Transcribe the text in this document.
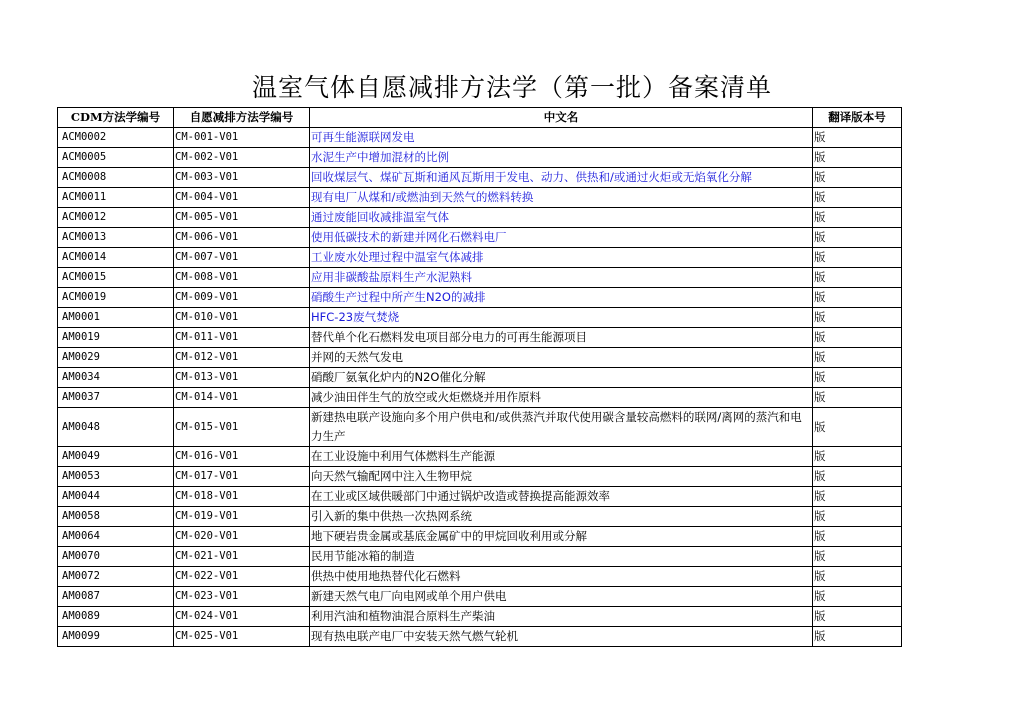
温室气体自愿减排方法学（第一批）备案清单
CDM方法学编号	自愿减排方法学编号	中文名	翻译版本号
ACM0002	CM-001-V01	可再生能源联网发电	版
ACM0005	CM-002-V01	水泥生产中增加混材的比例	版
ACM0008	CM-003-V01	回收煤层气、煤矿瓦斯和通风瓦斯用于发电、动力、供热和/或通过火炬或无焰氧化分解	版
ACM0011	CM-004-V01	现有电厂从煤和/或燃油到天然气的燃料转换	版
ACM0012	CM-005-V01	通过废能回收减排温室气体	版
ACM0013	CM-006-V01	使用低碳技术的新建并网化石燃料电厂	版
ACM0014	CM-007-V01	工业废水处理过程中温室气体减排	版
ACM0015	CM-008-V01	应用非碳酸盐原料生产水泥熟料	版
ACM0019	CM-009-V01	硝酸生产过程中所产生N2O的减排	版
AM0001	CM-010-V01	HFC-23废气焚烧	版
AM0019	CM-011-V01	替代单个化石燃料发电项目部分电力的可再生能源项目	版
AM0029	CM-012-V01	并网的天然气发电	版
AM0034	CM-013-V01	硝酸厂氨氧化炉内的N2O催化分解	版
AM0037	CM-014-V01	减少油田伴生气的放空或火炬燃烧并用作原料	版
AM0048	CM-015-V01	新建热电联产设施向多个用户供电和/或供蒸汽并取代使用碳含量较高燃料的联网/离网的蒸汽和电力生产	版
AM0049	CM-016-V01	在工业设施中利用气体燃料生产能源	版
AM0053	CM-017-V01	向天然气输配网中注入生物甲烷	版
AM0044	CM-018-V01	在工业或区域供暖部门中通过锅炉改造或替换提高能源效率	版
AM0058	CM-019-V01	引入新的集中供热一次热网系统	版
AM0064	CM-020-V01	地下硬岩贵金属或基底金属矿中的甲烷回收利用或分解	版
AM0070	CM-021-V01	民用节能冰箱的制造	版
AM0072	CM-022-V01	供热中使用地热替代化石燃料	版
AM0087	CM-023-V01	新建天然气电厂向电网或单个用户供电	版
AM0089	CM-024-V01	利用汽油和植物油混合原料生产柴油	版
AM0099	CM-025-V01	现有热电联产电厂中安装天然气燃气轮机	版
